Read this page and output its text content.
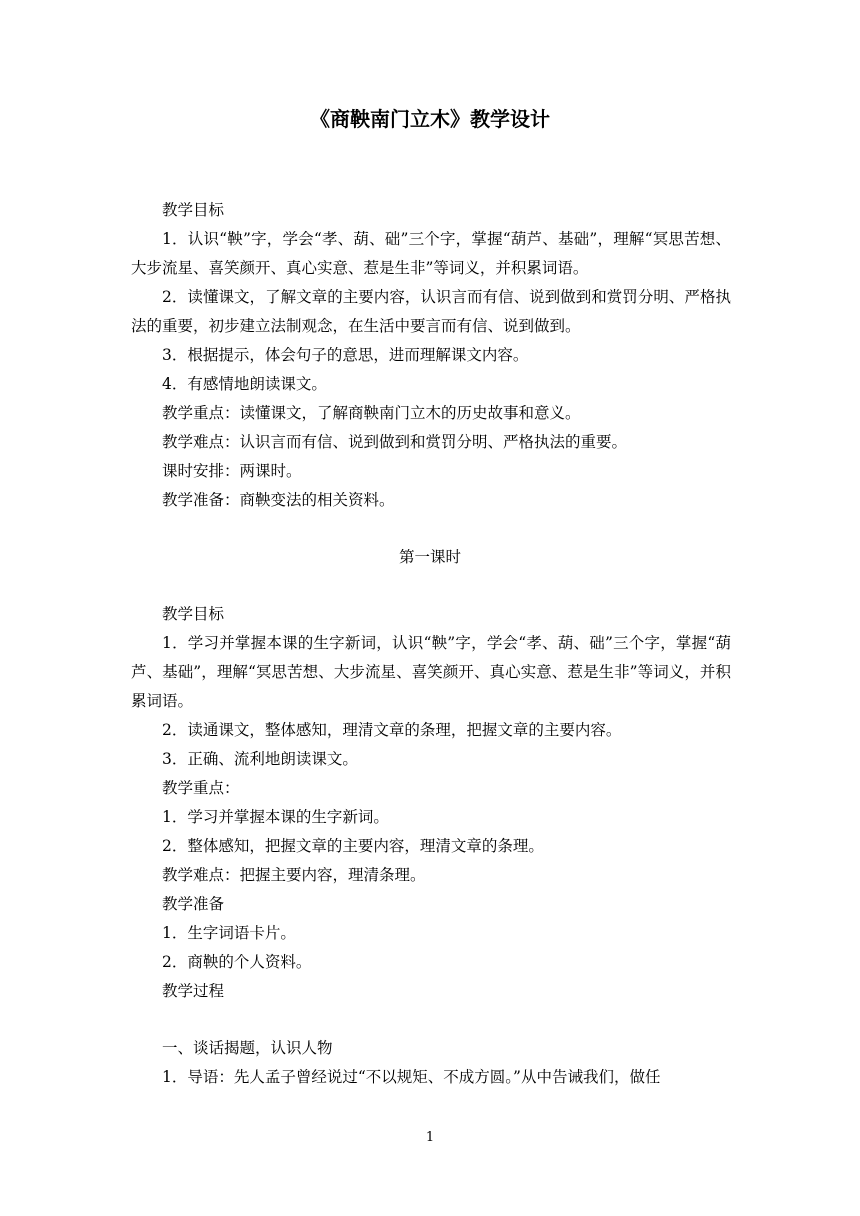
《商鞅南门立木》教学设计

教学目标

1．认识“鞅”字，学会“孝、葫、础”三个字，掌握“葫芦、基础”，理解“冥思苦想、大步流星、喜笑颜开、真心实意、惹是生非”等词义，并积累词语。

2．读懂课文，了解文章的主要内容，认识言而有信、说到做到和赏罚分明、严格执法的重要，初步建立法制观念，在生活中要言而有信、说到做到。

3．根据提示，体会句子的意思，进而理解课文内容。

4．有感情地朗读课文。

教学重点：读懂课文，了解商鞅南门立木的历史故事和意义。

教学难点：认识言而有信、说到做到和赏罚分明、严格执法的重要。

课时安排：两课时。

教学准备：商鞅变法的相关资料。

第一课时

教学目标

1．学习并掌握本课的生字新词，认识“鞅”字，学会“孝、葫、础”三个字，掌握“葫芦、基础”，理解“冥思苦想、大步流星、喜笑颜开、真心实意、惹是生非”等词义，并积累词语。

2．读通课文，整体感知，理清文章的条理，把握文章的主要内容。

3．正确、流利地朗读课文。

教学重点：

1．学习并掌握本课的生字新词。

2．整体感知，把握文章的主要内容，理清文章的条理。

教学难点：把握主要内容，理清条理。

教学准备

1．生字词语卡片。

2．商鞅的个人资料。

教学过程

一、谈话揭题，认识人物

1．导语：先人孟子曾经说过“不以规矩、不成方圆。”从中告诫我们，做任

1
